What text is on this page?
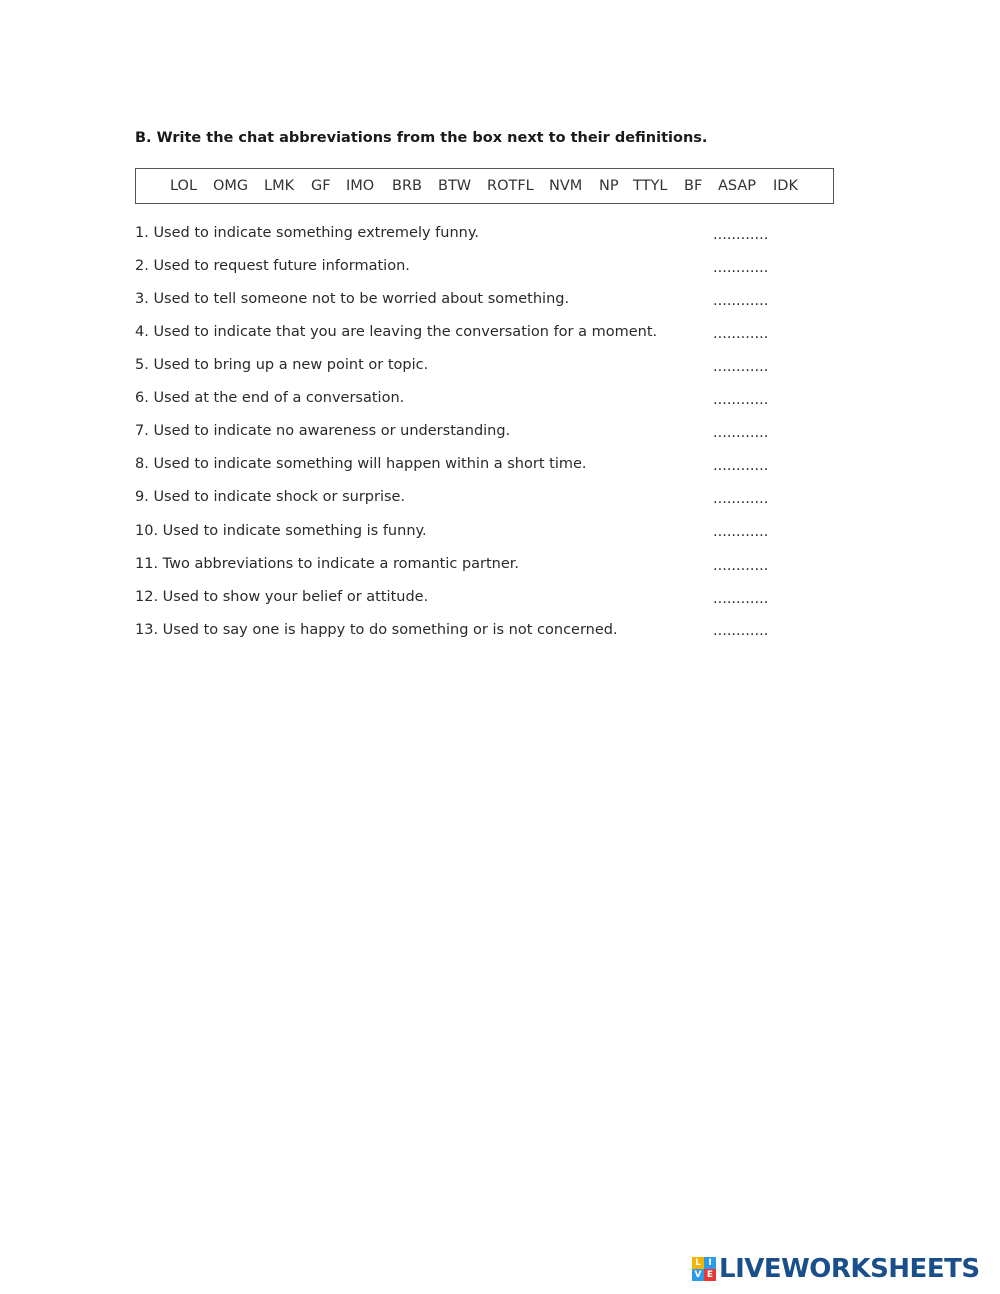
B. Write the chat abbreviations from the box next to their definitions.
LOL OMG LMK GF IMO BRB BTW ROTFL NVM NP TTYL BF ASAP IDK
1. Used to indicate something extremely funny.	............
2. Used to request future information.	............
3. Used to tell someone not to be worried about something.	............
4. Used to indicate that you are leaving the conversation for a moment.	............
5. Used to bring up a new point or topic.	............
6. Used at the end of a conversation.	............
7. Used to indicate no awareness or understanding.	............
8. Used to indicate something will happen within a short time.	............
9. Used to indicate shock or surprise.	............
10. Used to indicate something is funny.	............
11. Two abbreviations to indicate a romantic partner.	............
12. Used to show your belief or attitude.	............
13. Used to say one is happy to do something or is not concerned.	............
L I
V E LIVEWORKSHEETS
